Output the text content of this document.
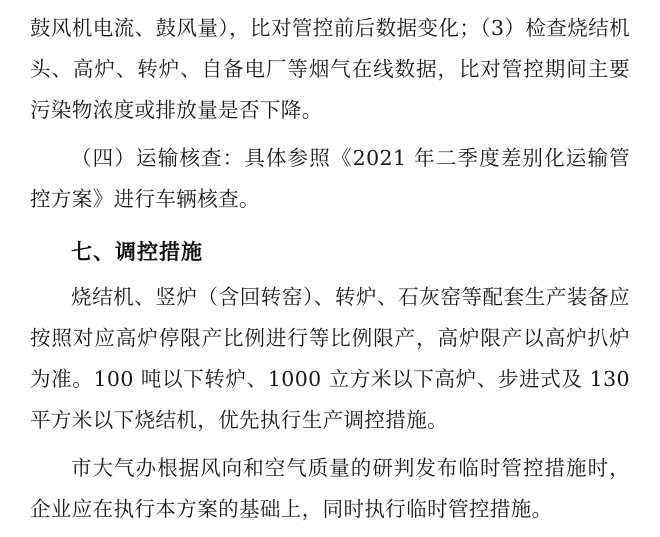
鼓风机电流、鼓风量），比对管控前后数据变化；（3）检查烧结机头、高炉、转炉、自备电厂等烟气在线数据，比对管控期间主要污染物浓度或排放量是否下降。

（四）运输核查：具体参照《2021 年二季度差别化运输管控方案》进行车辆核查。

七、调控措施

烧结机、竖炉（含回转窑）、转炉、石灰窑等配套生产装备应按照对应高炉停限产比例进行等比例限产，高炉限产以高炉扒炉为准。100 吨以下转炉、1000 立方米以下高炉、步进式及 130 平方米以下烧结机，优先执行生产调控措施。

市大气办根据风向和空气质量的研判发布临时管控措施时，企业应在执行本方案的基础上，同时执行临时管控措施。
